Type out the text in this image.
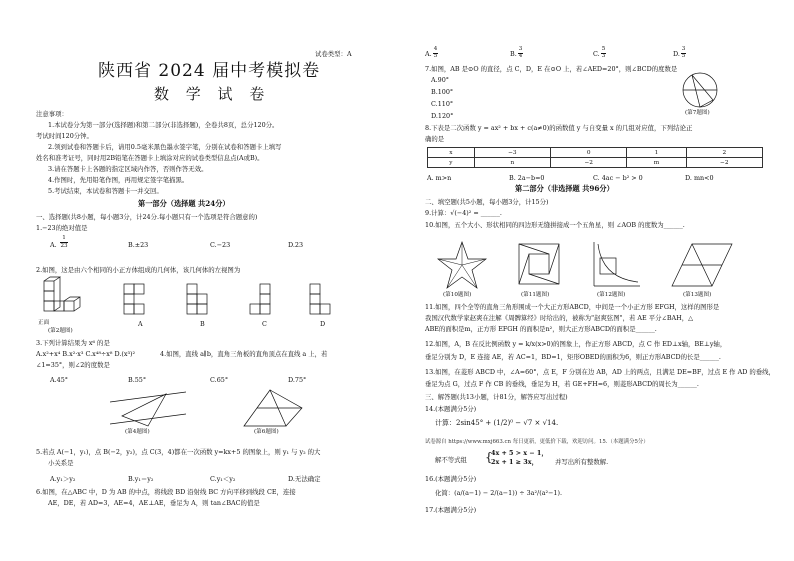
试卷类型：A
陕西省 2024 届中考模拟卷
数 学 试 卷
注意事项：
1.本试卷分为第一部分(选择题)和第二部分(非选择题)，全卷共8页，总分120分。
考试时间120分钟。
2.领到试卷和答题卡后，请用0.5毫米黑色墨水签字笔，分别在试卷和答题卡上填写
姓名和准考证号，同时用2B铅笔在答题卡上填涂对应的试卷类型信息点(A或B)。
3.请在答题卡上各题的指定区域内作答，否则作答无效。
4.作图时，先用铅笔作图，再用规定签字笔描黑。
5.考试结束，本试卷和答题卡一并交回。
第一部分（选择题 共24分）
一、选择题(共8小题，每小题3分，计24分.每小题只有一个选项是符合题意的)
1.−23的绝对值是
A.
1
23	B.±23	C.−23	D.23
2.如图，这是由六个相同的小正方体组成的几何体，该几何体的左视图为
正面
(第2题图)
A	B	C	D
3.下列计算结果为 x⁶ 的是
A.x²+x⁴ B.x²·x³ C.x⁴⁸÷x⁸ D.(x³)²	4.如图，直线 a∥b，直角三角板的直角顶点在直线 a 上，若
∠1=35°，则∠2的度数是
A.45°	B.55°	C.65°	D.75°
(第4题图)	(第6题图)
5.若点 A(−1，y₁)，点 B(−2，y₂)，点 C(3，4)都在一次函数 y=kx+5 的图象上，则 y₁ 与 y₂ 的大
小关系是
A.y₁＞y₂	B.y₁＝y₂	C.y₁＜y₂	D.无法确定
6.如图，在△ABC 中，D 为 AB 的中点，将线段 BD 沿射线 BC 方向平移到线段 CE，连接
AE，DE，若 AD=3，AE=4，AE⊥AE，垂足为 A，则 tan∠BAC的值是
A.
4
5	B.
3
4	C.
5
3	D.
3
5
7.如图，AB 是⊙O 的直径，点 C，D，E 在⊙O 上，若∠AED=20°，则∠BCD的度数是
A.90°
B.100°
C.110°
D.120°	(第7题图)
8.下表是二次函数 y = ax² + bx + c(a≠0)的函数值 y 与自变量 x 的几组对应值，下列结论正
确的是
x	−3	0	1	2
y	n	−2	m	−2
A. m>n	B. 2a−b=0	C. 4ac − b² > 0	D. mn<0
第二部分（非选择题 共96分）
二、填空题(共5小题，每小题3分，计15分)
9.计算：√(−4)² = ______.
10.如图，五个大小、形状相同的四边形无缝拼接成一个五角星，则 ∠AOB 的度数为______.
(第10题图)	(第11题图)	(第12题图)	(第13题图)
11.如图，四个全等的直角三角形围成一个大正方形ABCD，中间是一个小正方形 EFGH，这样的图形是
我国汉代数学家赵爽在注解《周髀算经》时给出的，被称为"赵爽弦图"，若 AE 平分∠BAH，△
ABE的面积是m，正方形 EFGH 的面积是n²，则大正方形ABCD的面积是______.
12.如图，A，B 在反比例函数 y = k/x(x>0)的图象上，作正方形 ABCD，点 C 作 ED⊥x轴，BE⊥y轴，
垂足分别为 D，E 连接 AE，若 AC=1，BD=1，矩形OBED的面积为6，则正方形ABCD的长是______.
13.如图，在菱形 ABCD 中，∠A=60°，点 E，F 分别在边 AB，AD 上的两点，且满足 DE=BF，过点 E 作 AD 的垂线，
垂足为点 G，过点 F 作 CB 的垂线，垂足为 H，若 GE+FH=6，则菱形ABCD的周长为______.
三、解答题(共13小题，计81分，解答应写出过程)
14.(本题满分5分)
计算：2sin45° + (1/2)⁰ − √7 × √14.
试卷源自 https://www.mxj663.cn 每日更新，更低价下载，欢迎访问。15.（本题满分5分）
解不等式组 {
4x + 5 > x − 1，
2x + 1 ≥ 3x，	并写出所有整数解.
16.(本题满分5分)
化简：(a/(a−1) − 2/(a−1)) ÷ 3a²/(a²−1).
17.(本题满分5分)
